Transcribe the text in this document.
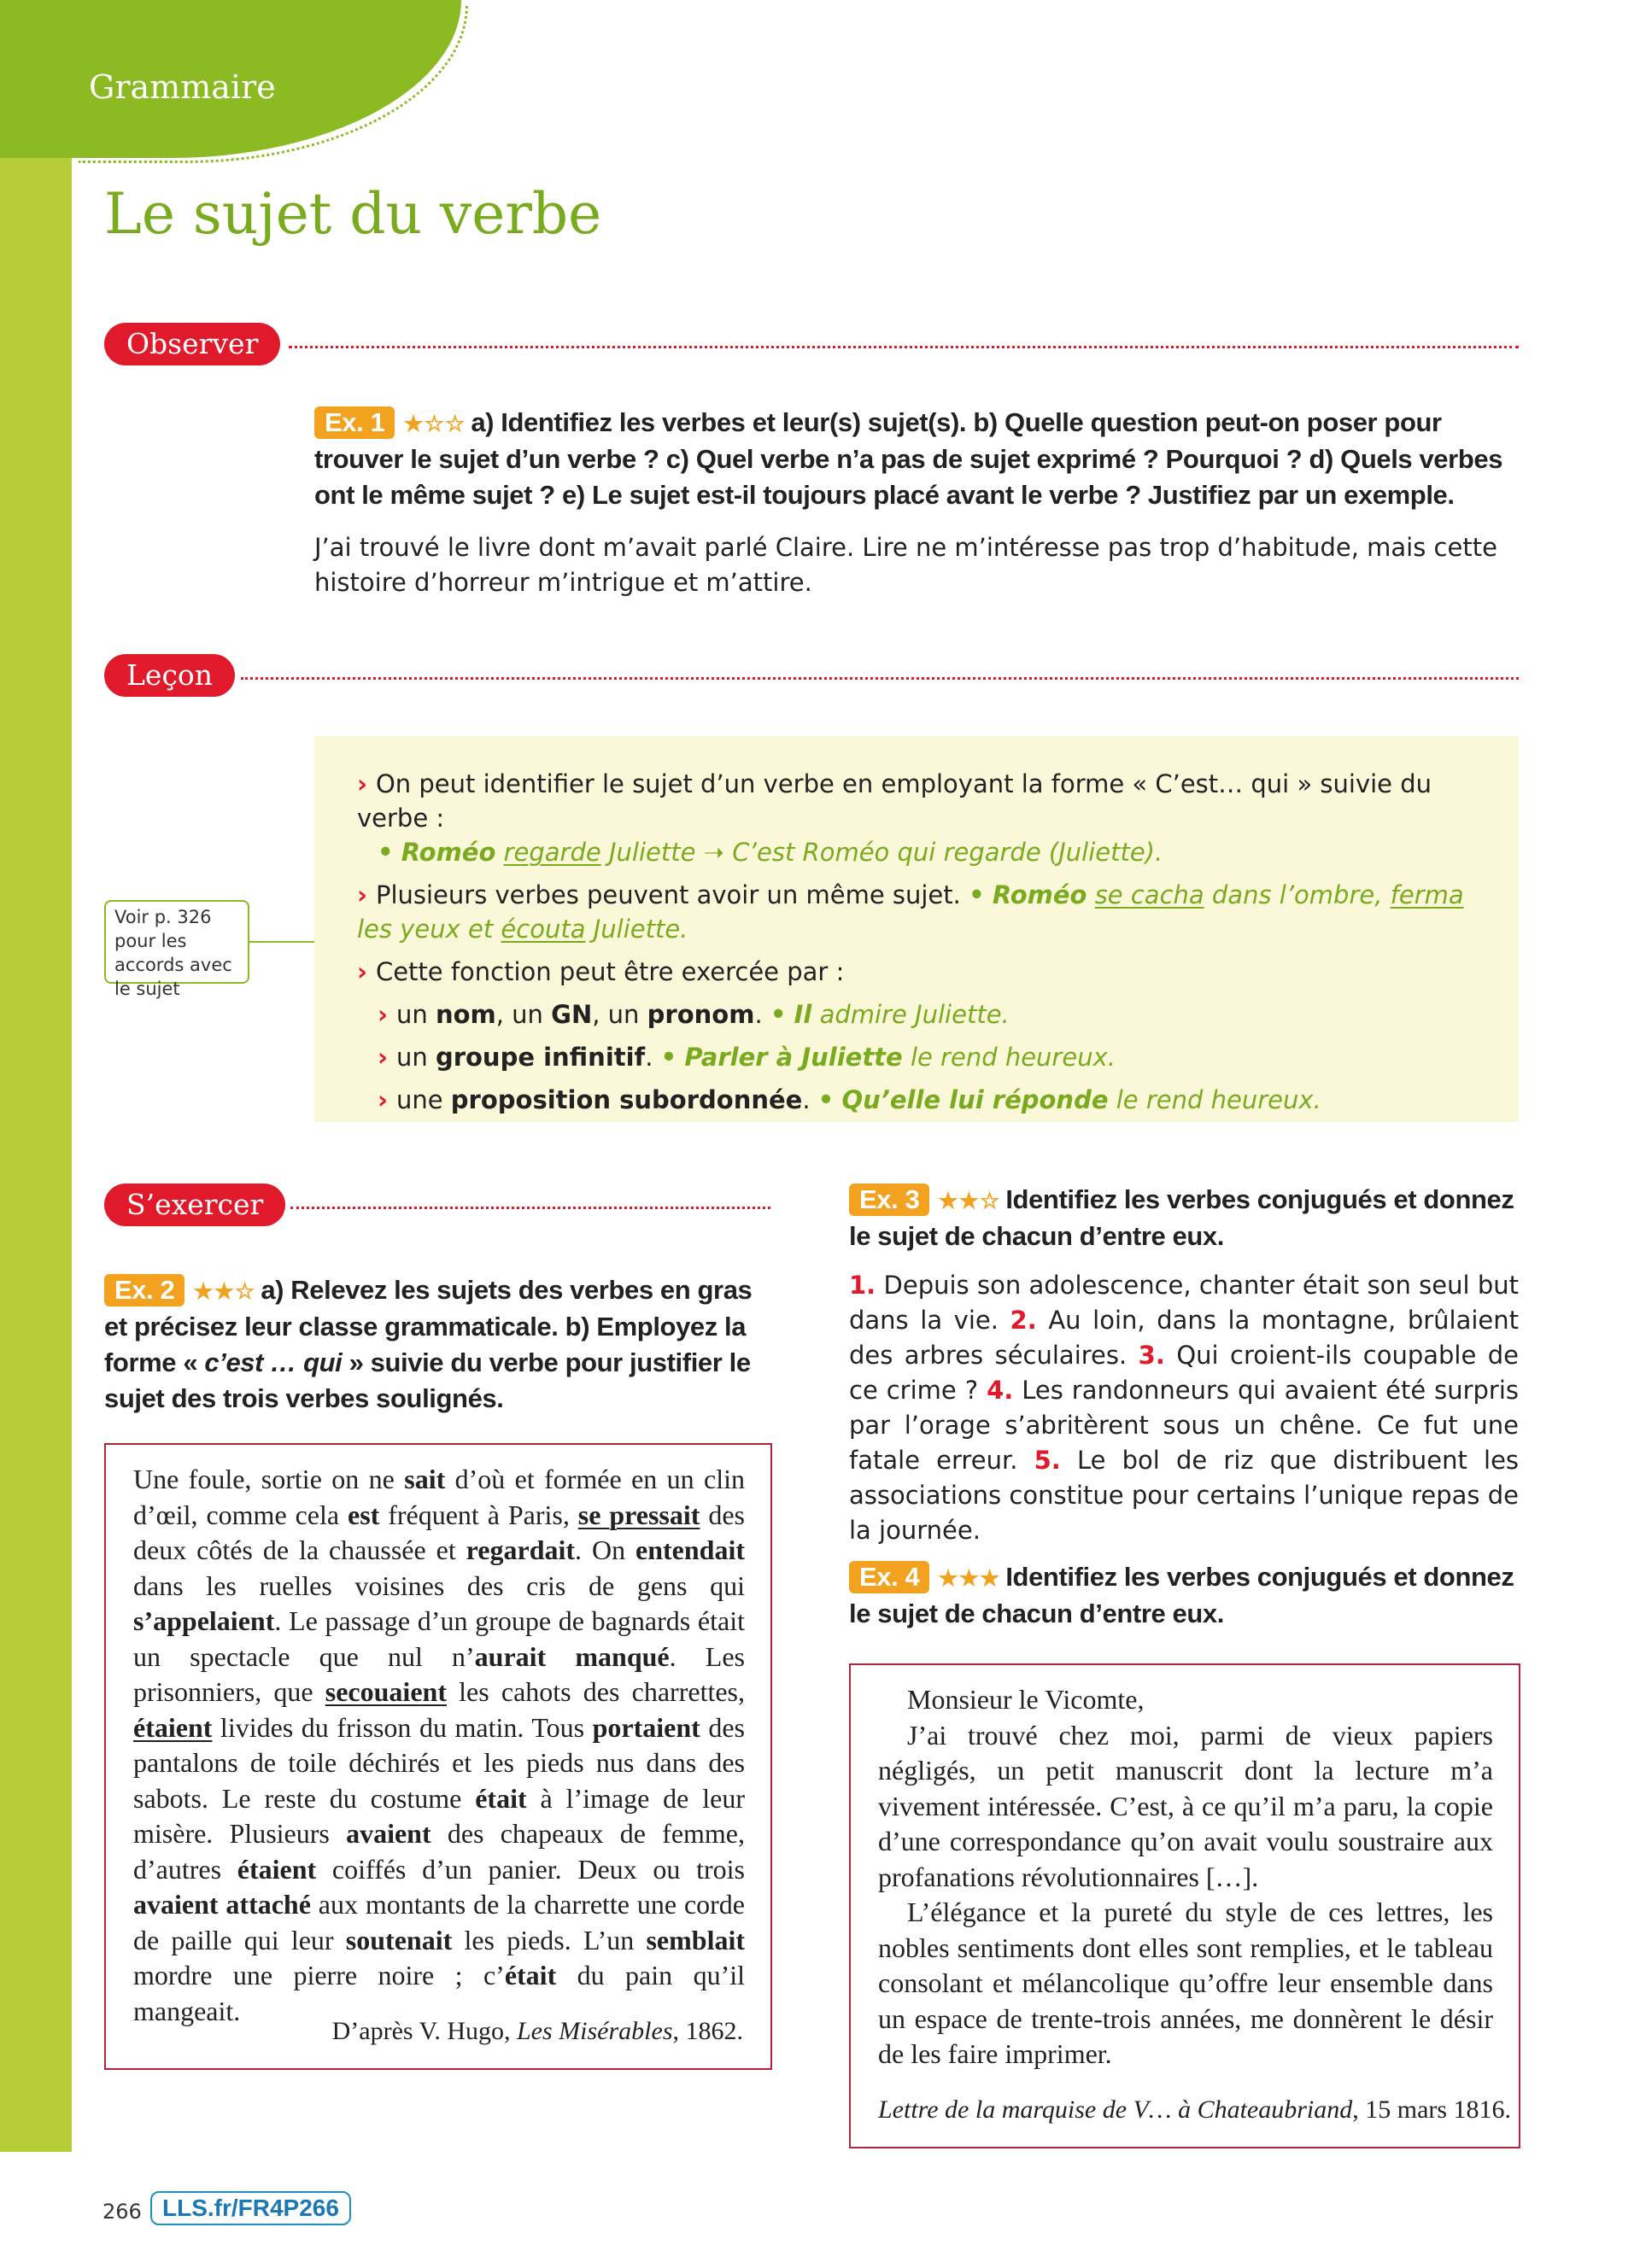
Grammaire
Le sujet du verbe
Observer
Ex. 1 ★☆☆ a) Identifiez les verbes et leur(s) sujet(s). b) Quelle question peut-on poser pour trouver le sujet d’un verbe ? c) Quel verbe n’a pas de sujet exprimé ? Pourquoi ? d) Quels verbes ont le même sujet ? e) Le sujet est-il toujours placé avant le verbe ? Justifiez par un exemple.
J’ai trouvé le livre dont m’avait parlé Claire. Lire ne m’intéresse pas trop d’habitude, mais cette histoire d’horreur m’intrigue et m’attire.
Leçon
› On peut identifier le sujet d’un verbe en employant la forme « C’est… qui » suivie du verbe :
• Roméo regarde Juliette ➝ C’est Roméo qui regarde (Juliette).
› Plusieurs verbes peuvent avoir un même sujet. • Roméo se cacha dans l’ombre, ferma les yeux et écouta Juliette.
› Cette fonction peut être exercée par :
› un nom, un GN, un pronom. • Il admire Juliette.
› un groupe infinitif. • Parler à Juliette le rend heureux.
› une proposition subordonnée. • Qu’elle lui réponde le rend heureux.
Voir p. 326 pour les accords avec le sujet
S’exercer
Ex. 2 ★★☆ a) Relevez les sujets des verbes en gras et précisez leur classe grammaticale. b) Employez la forme « c’est … qui » suivie du verbe pour justifier le sujet des trois verbes soulignés.
Une foule, sortie on ne sait d’où et formée en un clin d’œil, comme cela est fréquent à Paris, se pressait des deux côtés de la chaussée et regardait. On entendait dans les ruelles voisines des cris de gens qui s’appelaient. Le passage d’un groupe de bagnards était un spectacle que nul n’aurait manqué. Les prisonniers, que secouaient les cahots des charrettes, étaient livides du frisson du matin. Tous portaient des pantalons de toile déchirés et les pieds nus dans des sabots. Le reste du costume était à l’image de leur misère. Plusieurs avaient des chapeaux de femme, d’autres étaient coiffés d’un panier. Deux ou trois avaient attaché aux montants de la charrette une corde de paille qui leur soutenait les pieds. L’un semblait mordre une pierre noire ; c’était du pain qu’il mangeait.
D’après V. Hugo, Les Misérables, 1862.
Ex. 3 ★★☆ Identifiez les verbes conjugués et donnez le sujet de chacun d’entre eux.
1. Depuis son adolescence, chanter était son seul but dans la vie. 2. Au loin, dans la montagne, brûlaient des arbres séculaires. 3. Qui croient-ils coupable de ce crime ? 4. Les randonneurs qui avaient été surpris par l’orage s’abritèrent sous un chêne. Ce fut une fatale erreur. 5. Le bol de riz que distribuent les associations constitue pour certains l’unique repas de la journée.
Ex. 4 ★★★ Identifiez les verbes conjugués et donnez le sujet de chacun d’entre eux.
Monsieur le Vicomte,
J’ai trouvé chez moi, parmi de vieux papiers négligés, un petit manuscrit dont la lecture m’a vivement intéressée. C’est, à ce qu’il m’a paru, la copie d’une correspondance qu’on avait voulu soustraire aux profanations révolutionnaires […].
L’élégance et la pureté du style de ces lettres, les nobles sentiments dont elles sont remplies, et le tableau consolant et mélancolique qu’offre leur ensemble dans un espace de trente-trois années, me donnèrent le désir de les faire imprimer.
Lettre de la marquise de V… à Chateaubriand, 15 mars 1816.
266 LLS.fr/FR4P266
